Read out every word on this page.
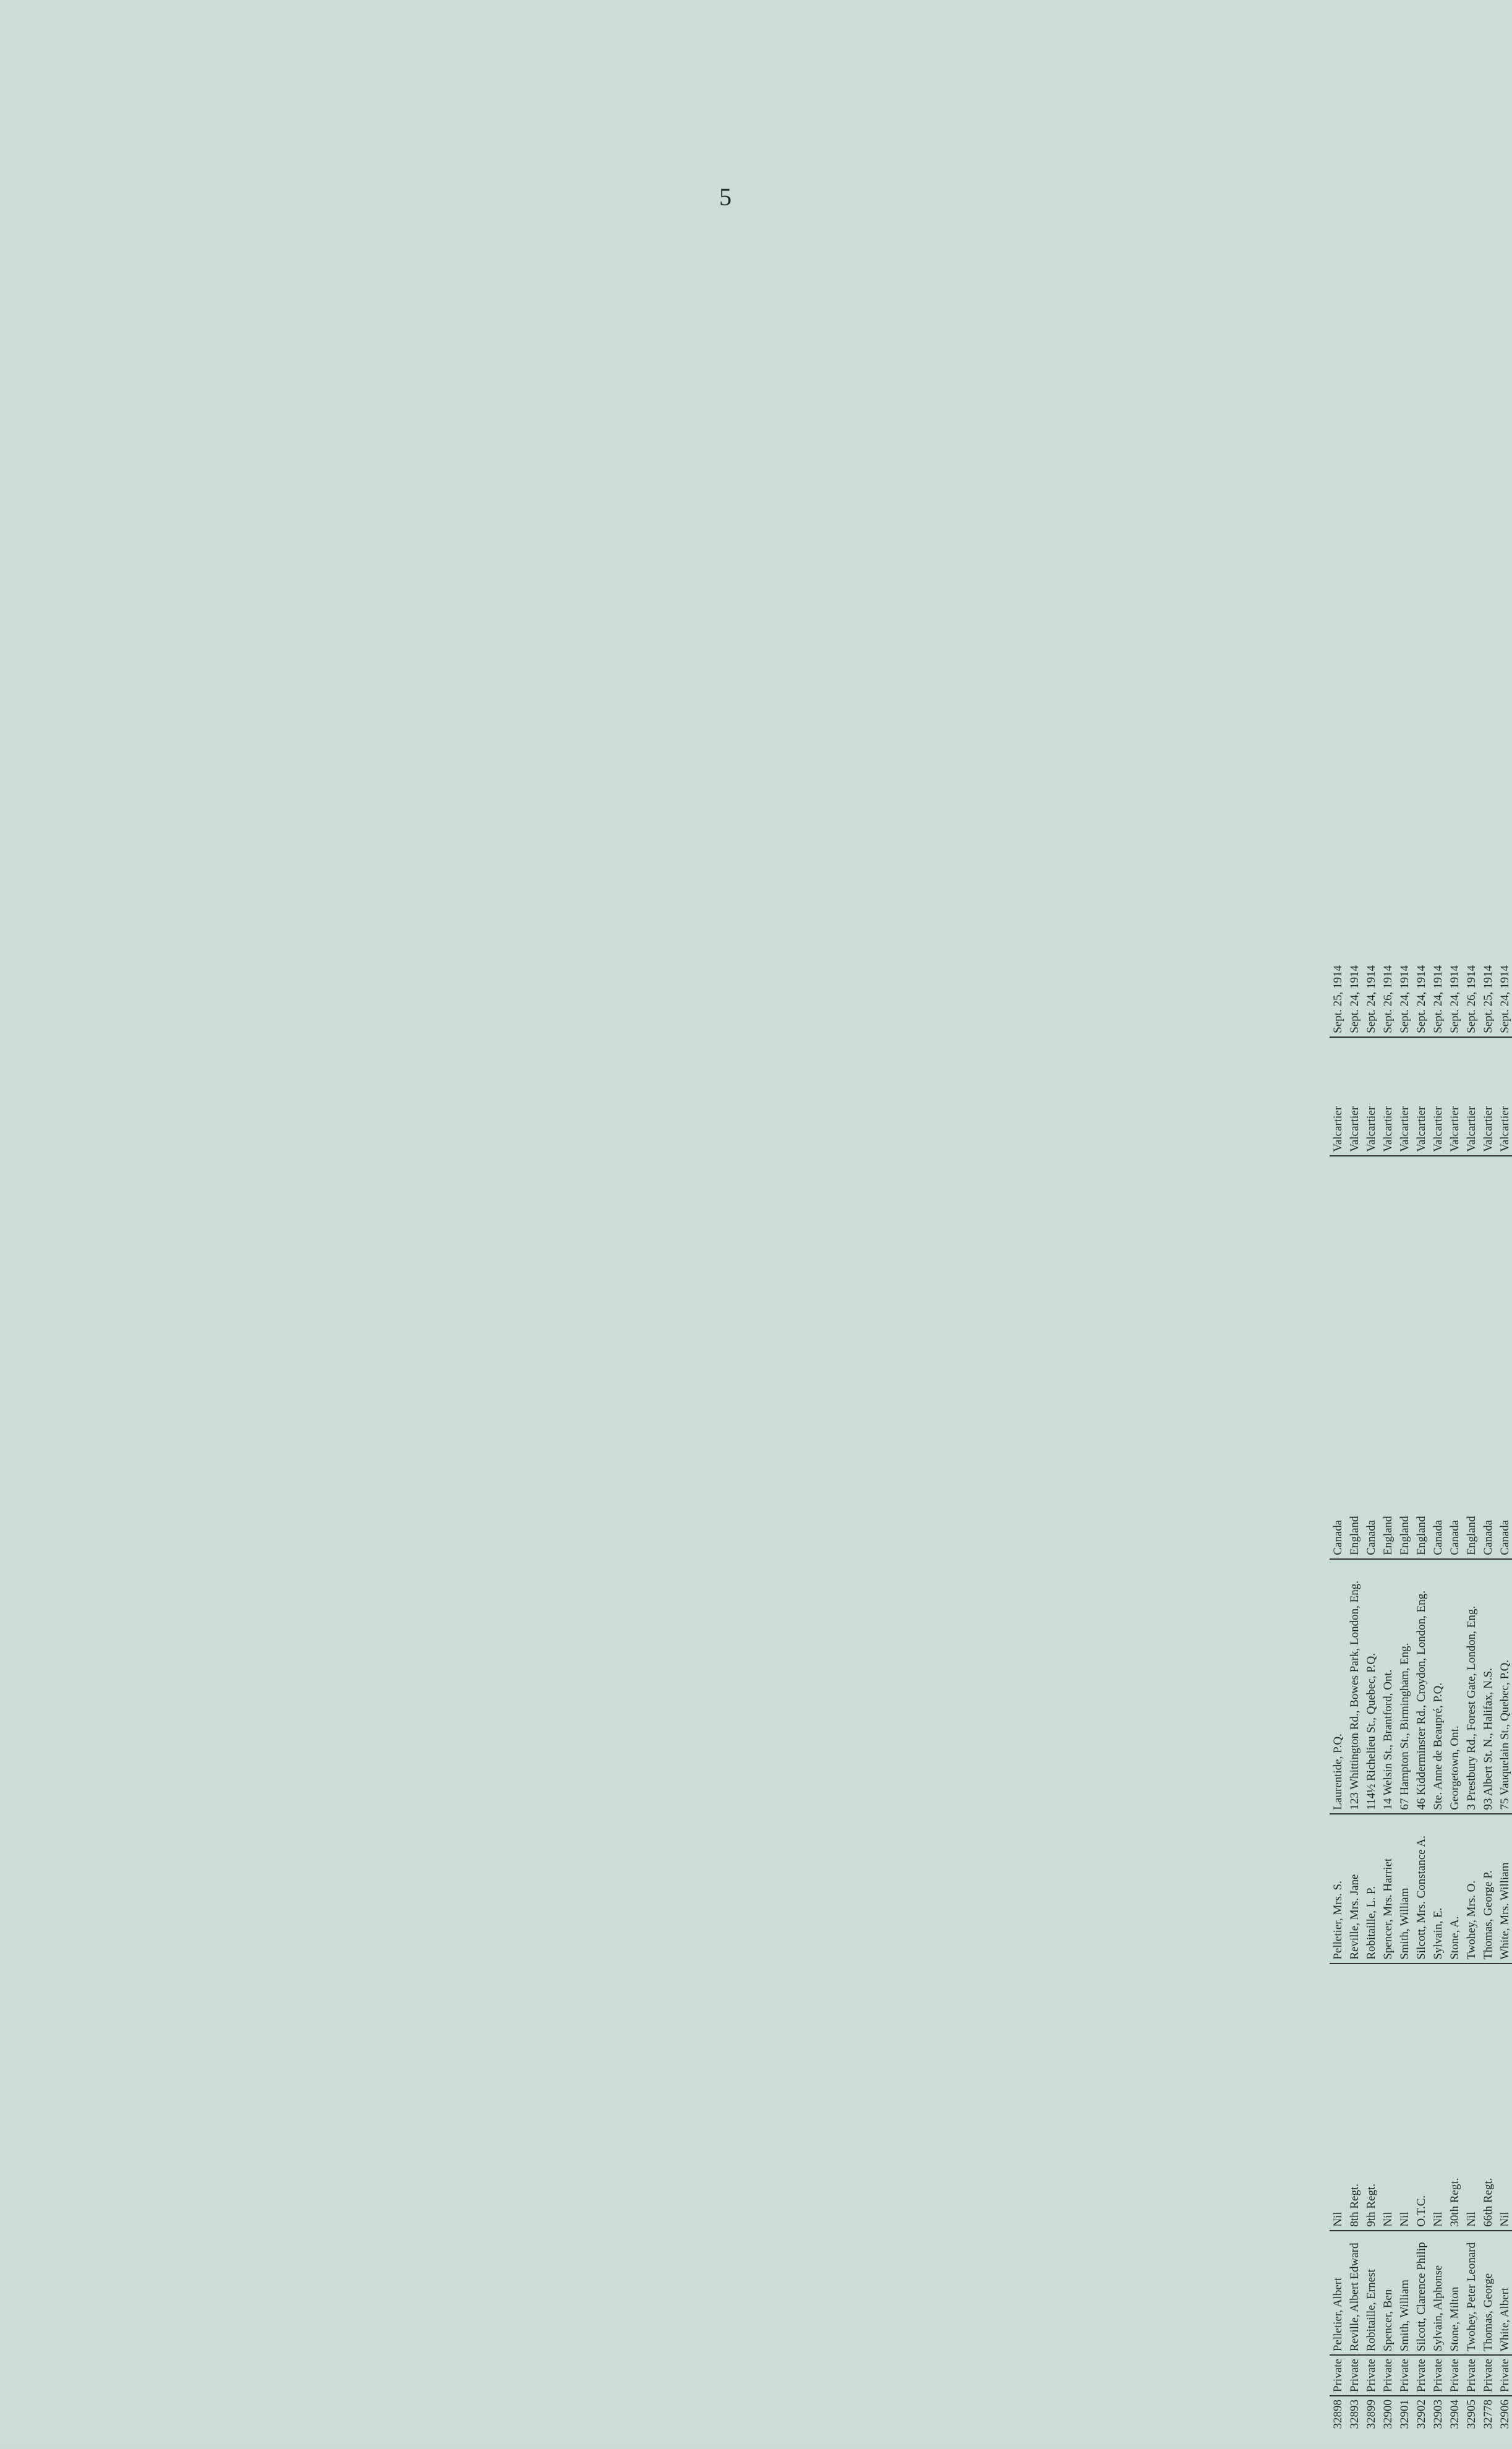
5
32898	Private	Pelletier, Albert	Nil	Pelletier, Mrs. S.	Laurentide, P.Q.	Canada	Valcartier	Sept. 25, 1914
32893	Private	Reville, Albert Edward	8th Regt.	Reville, Mrs. Jane	123 Whittington Rd., Bowes Park, London, Eng.	England	Valcartier	Sept. 24, 1914
32899	Private	Robitaille, Ernest	9th Regt.	Robitaille, L. P.	114½ Richelieu St., Quebec, P.Q.	Canada	Valcartier	Sept. 24, 1914
32900	Private	Spencer, Ben	Nil	Spencer, Mrs. Harriet	14 Welsin St., Brantford, Ont.	England	Valcartier	Sept. 26, 1914
32901	Private	Smith, William	Nil	Smith, William	67 Hampton St., Birmingham, Eng.	England	Valcartier	Sept. 24, 1914
32902	Private	Silcott, Clarence Philip	O.T.C.	Silcott, Mrs. Constance A.	46 Kidderminster Rd., Croydon, London, Eng.	England	Valcartier	Sept. 24, 1914
32903	Private	Sylvain, Alphonse	Nil	Sylvain, E.	Ste. Anne de Beaupré, P.Q.	Canada	Valcartier	Sept. 24, 1914
32904	Private	Stone, Milton	30th Regt.	Stone, A.	Georgetown, Ont.	Canada	Valcartier	Sept. 24, 1914
32905	Private	Twohey, Peter Leonard	Nil	Twohey, Mrs. O.	3 Prestbury Rd., Forest Gate, London, Eng.	England	Valcartier	Sept. 26, 1914
32778	Private	Thomas, George	66th Regt.	Thomas, George P.	93 Albert St. N., Halifax, N.S.	Canada	Valcartier	Sept. 25, 1914
32906	Private	White, Albert	Nil	White, Mrs. William	75 Vauquelain St., Quebec, P.Q.	Canada	Valcartier	Sept. 24, 1914
